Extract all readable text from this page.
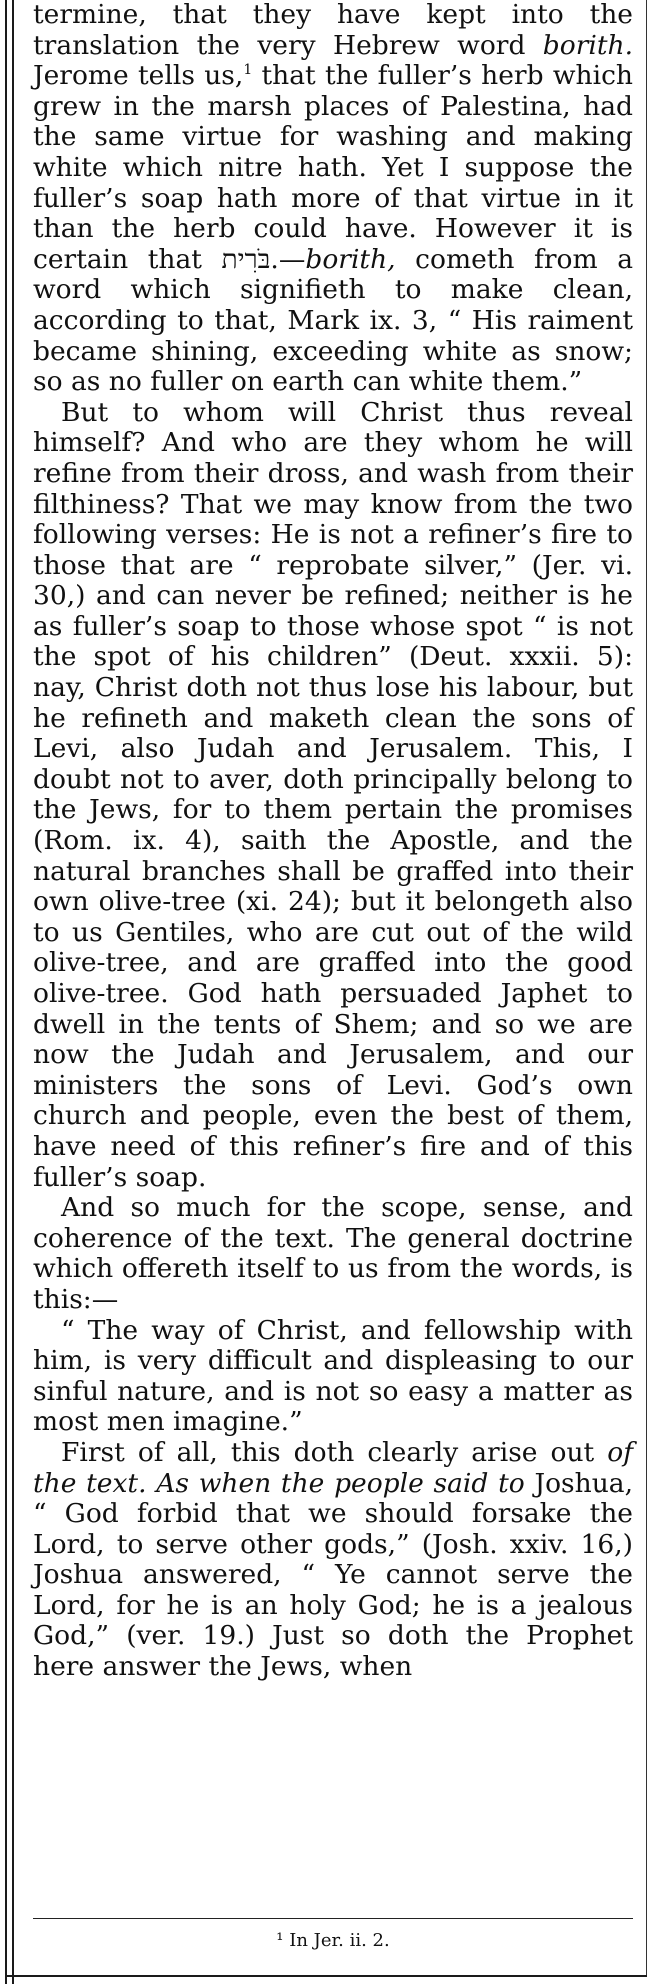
termine, that they have kept into the translation the very Hebrew word borith. Jerome tells us,$^1$ that the fuller’s herb which grew in the marsh places of Palestina, had the same virtue for washing and making white which nitre hath. Yet I suppose the fuller’s soap hath more of that virtue in it than the herb could have. However it is certain that בֹּרִית.—borith, cometh from a word which signifieth to make clean, according to that, Mark ix. 3, “ His raiment became shining, exceeding white as snow; so as no fuller on earth can white them.”

But to whom will Christ thus reveal himself? And who are they whom he will refine from their dross, and wash from their filthiness? That we may know from the two following verses: He is not a refiner’s fire to those that are “ reprobate silver,” (Jer. vi. 30,) and can never be refined; neither is he as fuller’s soap to those whose spot “ is not the spot of his children” (Deut. xxxii. 5): nay, Christ doth not thus lose his labour, but he refineth and maketh clean the sons of Levi, also Judah and Jerusalem. This, I doubt not to aver, doth principally belong to the Jews, for to them pertain the promises (Rom. ix. 4), saith the Apostle, and the natural branches shall be graffed into their own olive-tree (xi. 24); but it belongeth also to us Gentiles, who are cut out of the wild olive-tree, and are graffed into the good olive-tree. God hath persuaded Japhet to dwell in the tents of Shem; and so we are now the Judah and Jerusalem, and our ministers the sons of Levi. God’s own church and people, even the best of them, have need of this refiner’s fire and of this fuller’s soap.

And so much for the scope, sense, and coherence of the text. The general doctrine which offereth itself to us from the words, is this:—

“ The way of Christ, and fellowship with him, is very difficult and displeasing to our sinful nature, and is not so easy a matter as most men imagine.”

First of all, this doth clearly arise out of the text. As when the people said to Joshua, “ God forbid that we should forsake the Lord, to serve other gods,” (Josh. xxiv. 16,) Joshua answered, “ Ye cannot serve the Lord, for he is an holy God; he is a jealous God,” (ver. 19.) Just so doth the Prophet here answer the Jews, when

¹ In Jer. ii. 2.
